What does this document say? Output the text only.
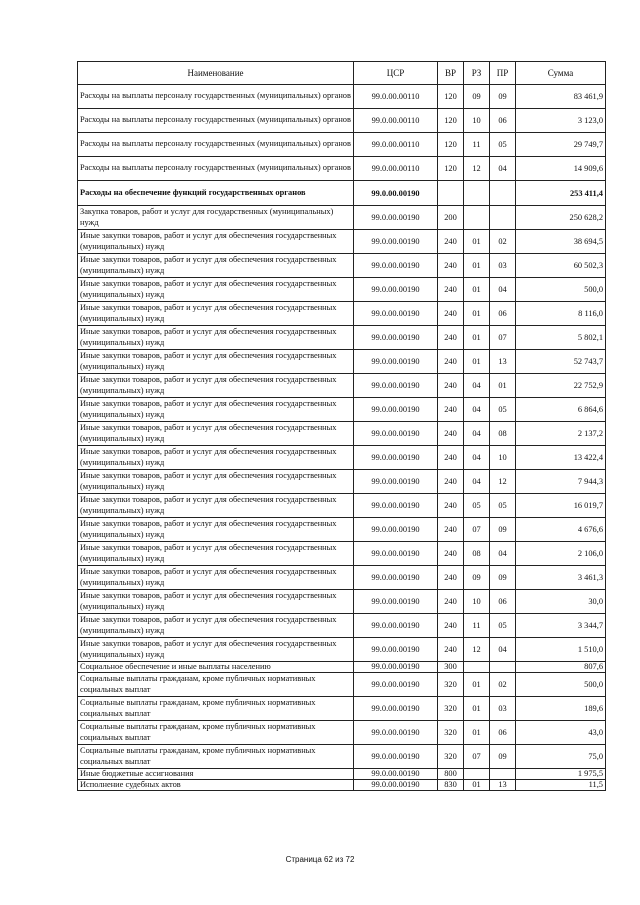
Наименование	ЦСР	ВР	РЗ	ПР	Сумма
Расходы на выплаты персоналу государственных (муниципальных) органов	99.0.00.00110	120	09	09	83 461,9
Расходы на выплаты персоналу государственных (муниципальных) органов	99.0.00.00110	120	10	06	3 123,0
Расходы на выплаты персоналу государственных (муниципальных) органов	99.0.00.00110	120	11	05	29 749,7
Расходы на выплаты персоналу государственных (муниципальных) органов	99.0.00.00110	120	12	04	14 909,6
Расходы на обеспечение функций государственных органов	99.0.00.00190				253 411,4
Закупка товаров, работ и услуг для государственных (муниципальных) нужд	99.0.00.00190	200			250 628,2
Иные закупки товаров, работ и услуг для обеспечения государственных (муниципальных) нужд	99.0.00.00190	240	01	02	38 694,5
Иные закупки товаров, работ и услуг для обеспечения государственных (муниципальных) нужд	99.0.00.00190	240	01	03	60 502,3
Иные закупки товаров, работ и услуг для обеспечения государственных (муниципальных) нужд	99.0.00.00190	240	01	04	500,0
Иные закупки товаров, работ и услуг для обеспечения государственных (муниципальных) нужд	99.0.00.00190	240	01	06	8 116,0
Иные закупки товаров, работ и услуг для обеспечения государственных (муниципальных) нужд	99.0.00.00190	240	01	07	5 802,1
Иные закупки товаров, работ и услуг для обеспечения государственных (муниципальных) нужд	99.0.00.00190	240	01	13	52 743,7
Иные закупки товаров, работ и услуг для обеспечения государственных (муниципальных) нужд	99.0.00.00190	240	04	01	22 752,9
Иные закупки товаров, работ и услуг для обеспечения государственных (муниципальных) нужд	99.0.00.00190	240	04	05	6 864,6
Иные закупки товаров, работ и услуг для обеспечения государственных (муниципальных) нужд	99.0.00.00190	240	04	08	2 137,2
Иные закупки товаров, работ и услуг для обеспечения государственных (муниципальных) нужд	99.0.00.00190	240	04	10	13 422,4
Иные закупки товаров, работ и услуг для обеспечения государственных (муниципальных) нужд	99.0.00.00190	240	04	12	7 944,3
Иные закупки товаров, работ и услуг для обеспечения государственных (муниципальных) нужд	99.0.00.00190	240	05	05	16 019,7
Иные закупки товаров, работ и услуг для обеспечения государственных (муниципальных) нужд	99.0.00.00190	240	07	09	4 676,6
Иные закупки товаров, работ и услуг для обеспечения государственных (муниципальных) нужд	99.0.00.00190	240	08	04	2 106,0
Иные закупки товаров, работ и услуг для обеспечения государственных (муниципальных) нужд	99.0.00.00190	240	09	09	3 461,3
Иные закупки товаров, работ и услуг для обеспечения государственных (муниципальных) нужд	99.0.00.00190	240	10	06	30,0
Иные закупки товаров, работ и услуг для обеспечения государственных (муниципальных) нужд	99.0.00.00190	240	11	05	3 344,7
Иные закупки товаров, работ и услуг для обеспечения государственных (муниципальных) нужд	99.0.00.00190	240	12	04	1 510,0
Социальное обеспечение и иные выплаты населению	99.0.00.00190	300			807,6
Социальные выплаты гражданам, кроме публичных нормативных социальных выплат	99.0.00.00190	320	01	02	500,0
Социальные выплаты гражданам, кроме публичных нормативных социальных выплат	99.0.00.00190	320	01	03	189,6
Социальные выплаты гражданам, кроме публичных нормативных социальных выплат	99.0.00.00190	320	01	06	43,0
Социальные выплаты гражданам, кроме публичных нормативных социальных выплат	99.0.00.00190	320	07	09	75,0
Иные бюджетные ассигнования	99.0.00.00190	800			1 975,5
Исполнение судебных актов	99.0.00.00190	830	01	13	11,5
Страница 62 из 72
